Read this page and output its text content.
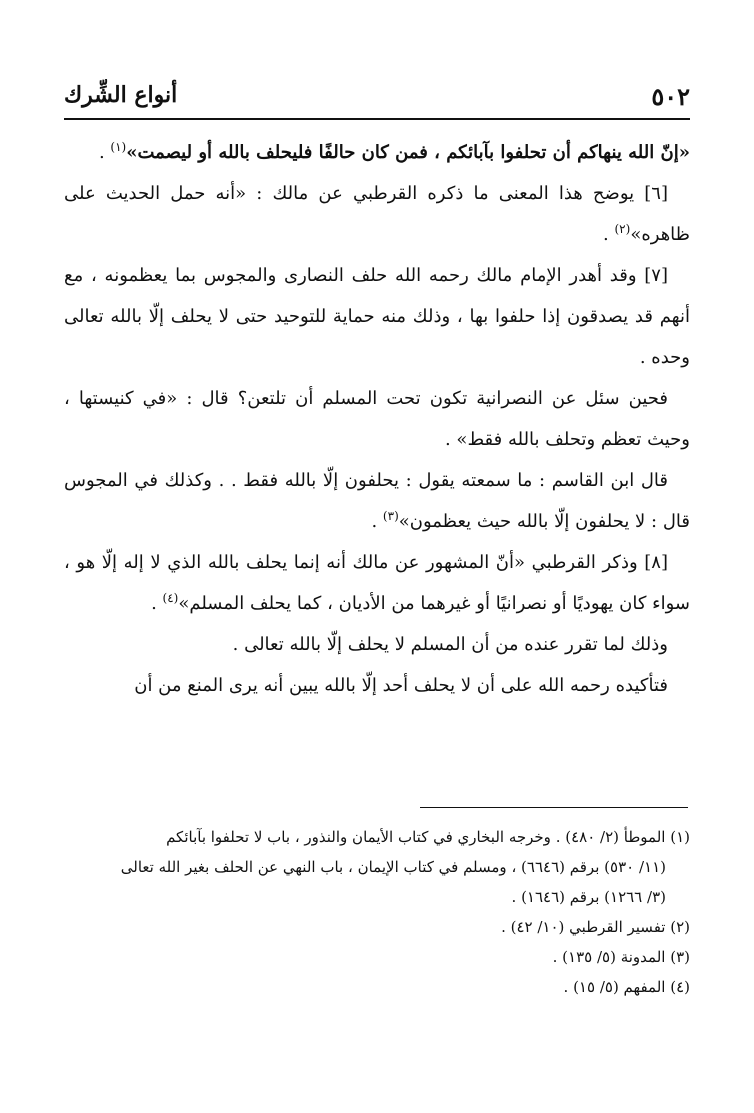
٥٠٢
أنواع الشِّرك

«إنّ الله ينهاكم أن تحلفوا بآبائكم ، فمن كان حالفًا فليحلف بالله أو ليصمت»$^{(١)}$ .

[٦] يوضح هذا المعنى ما ذكره القرطبي عن مالك : «أنه حمل الحديث على ظاهره»$^{(٢)}$ .

[٧] وقد أهدر الإمام مالك رحمه الله حلف النصارى والمجوس بما يعظمونه ، مع أنهم قد يصدقون إذا حلفوا بها ، وذلك منه حماية للتوحيد حتى لا يحلف إلّا بالله تعالى وحده .

فحين سئل عن النصرانية تكون تحت المسلم أن تلتعن؟ قال : «في كنيستها ، وحيث تعظم وتحلف بالله فقط» .

قال ابن القاسم : ما سمعته يقول : يحلفون إلّا بالله فقط . . وكذلك في المجوس قال : لا يحلفون إلّا بالله حيث يعظمون»$^{(٣)}$ .

[٨] وذكر القرطبي «أنّ المشهور عن مالك أنه إنما يحلف بالله الذي لا إله إلّا هو ، سواء كان يهوديًا أو نصرانيًا أو غيرهما من الأديان ، كما يحلف المسلم»$^{(٤)}$ .

وذلك لما تقرر عنده من أن المسلم لا يحلف إلّا بالله تعالى .

فتأكيده رحمه الله على أن لا يحلف أحد إلّا بالله يبين أنه يرى المنع من أن

(١) الموطأ (٢/ ٤٨٠) . وخرجه البخاري في كتاب الأيمان والنذور ، باب لا تحلفوا بآبائكم

(١١/ ٥٣٠) برقم (٦٦٤٦) ، ومسلم في كتاب الإيمان ، باب النهي عن الحلف بغير الله تعالى

(٣/ ١٢٦٦) برقم (١٦٤٦) .

(٢) تفسير القرطبي (١٠/ ٤٢) .

(٣) المدونة (٥/ ١٣٥) .

(٤) المفهم (٥/ ١٥) .
